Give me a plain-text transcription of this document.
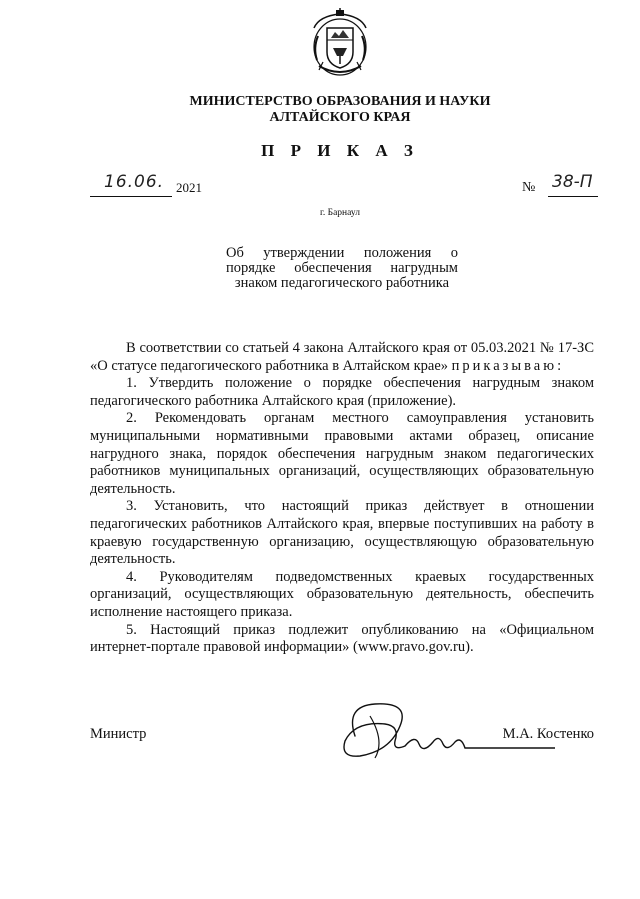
МИНИСТЕРСТВО ОБРАЗОВАНИЯ И НАУКИ
АЛТАЙСКОГО КРАЯ
П Р И К А З
16.06. 2021	№ 38-П
г. Барнаул
Об утверждении положения о порядке обеспечения нагрудным знаком педагогического работника

В соответствии со статьей 4 закона Алтайского края от 05.03.2021 № 17-ЗС «О статусе педагогического работника в Алтайском крае» приказываю:

1. Утвердить положение о порядке обеспечения нагрудным знаком педагогического работника Алтайского края (приложение).

2. Рекомендовать органам местного самоуправления установить муниципальными нормативными правовыми актами образец, описание нагрудного знака, порядок обеспечения нагрудным знаком педагогических работников муниципальных организаций, осуществляющих образовательную деятельность.

3. Установить, что настоящий приказ действует в отношении педагогических работников Алтайского края, впервые поступивших на работу в краевую государственную организацию, осуществляющую образовательную деятельность.

4. Руководителям подведомственных краевых государственных организаций, осуществляющих образовательную деятельность, обеспечить исполнение настоящего приказа.

5. Настоящий приказ подлежит опубликованию на «Официальном интернет-портале правовой информации» (www.pravo.gov.ru).

Министр	М.А. Костенко
